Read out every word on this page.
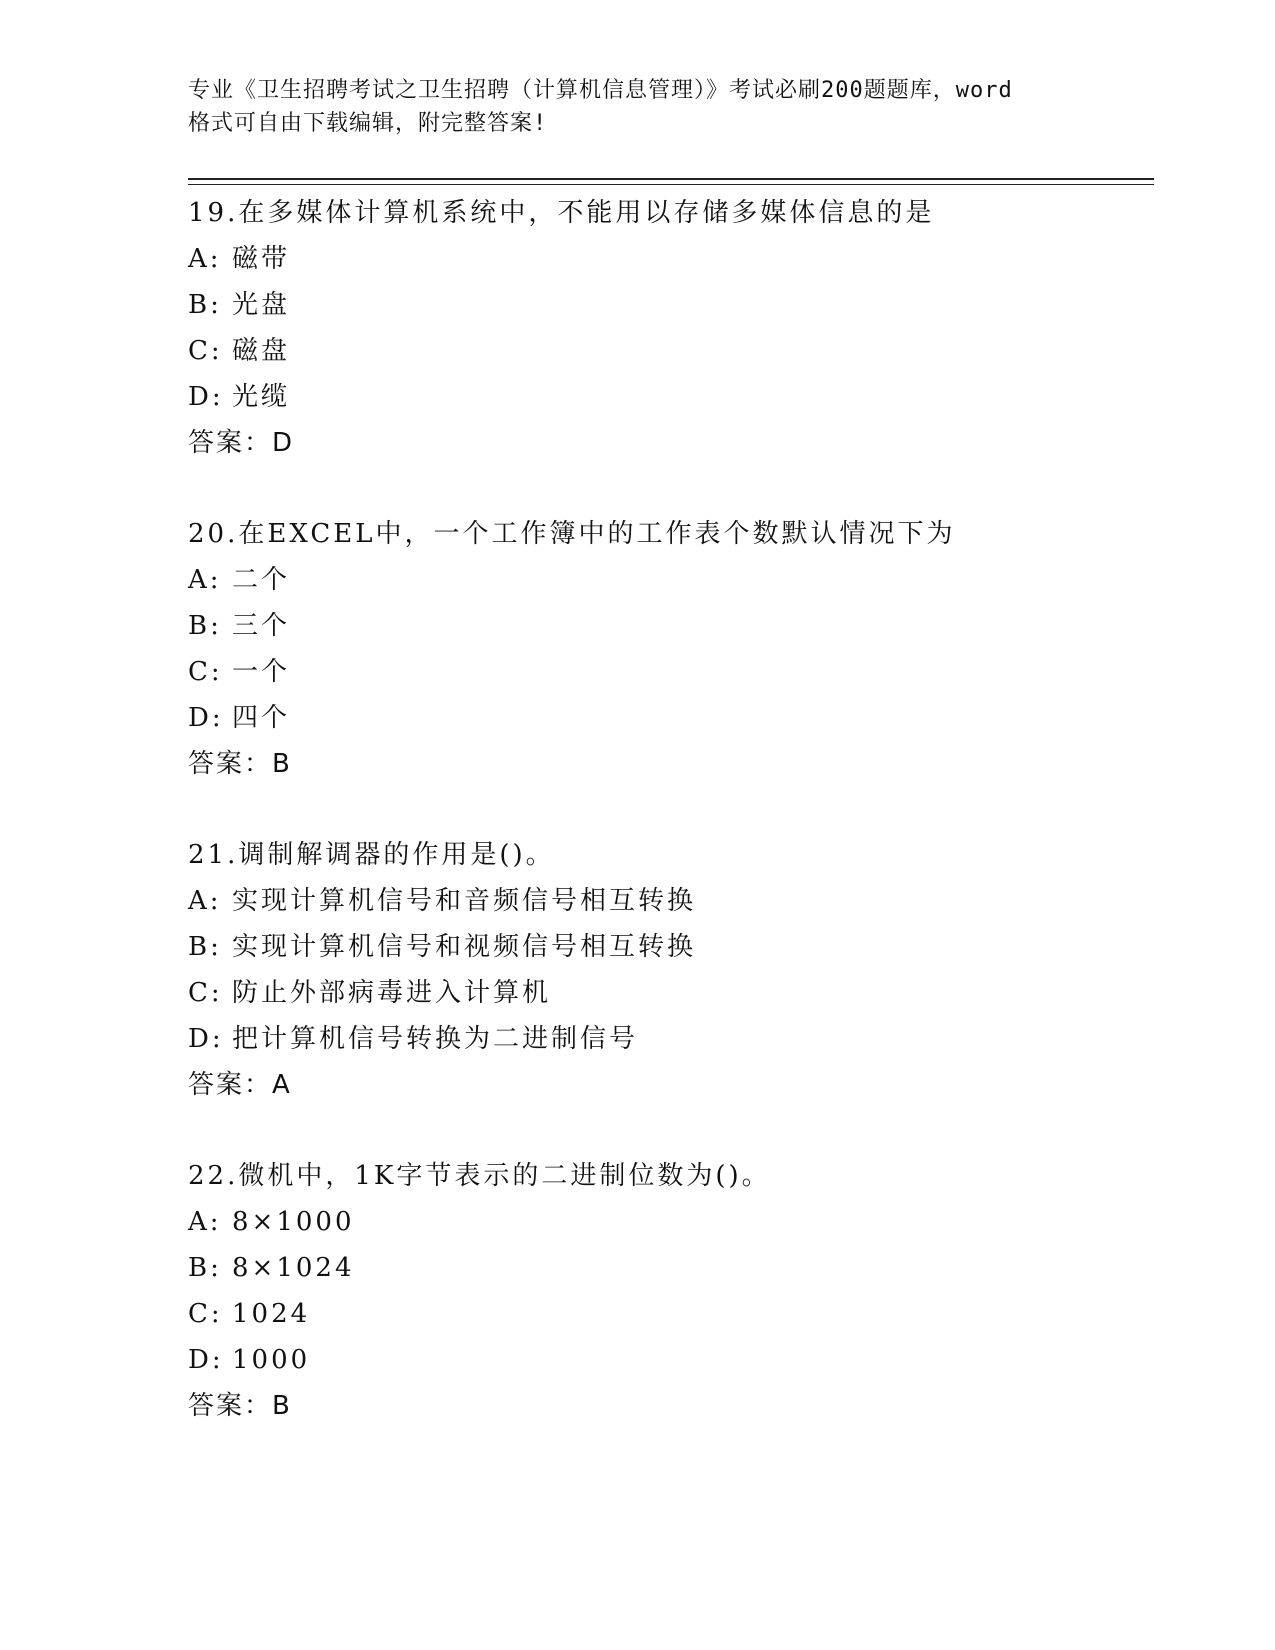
专业《卫生招聘考试之卫生招聘（计算机信息管理）》考试必刷200题题库，word
格式可自由下载编辑，附完整答案!
19.在多媒体计算机系统中，不能用以存储多媒体信息的是
A: 磁带
B: 光盘
C: 磁盘
D: 光缆
答案：D
20.在EXCEL中，一个工作簿中的工作表个数默认情况下为
A: 二个
B: 三个
C: 一个
D: 四个
答案：B
21.调制解调器的作用是()。
A: 实现计算机信号和音频信号相互转换
B: 实现计算机信号和视频信号相互转换
C: 防止外部病毒进入计算机
D: 把计算机信号转换为二进制信号
答案：A
22.微机中，1K字节表示的二进制位数为()。
A: 8×1000
B: 8×1024
C: 1024
D: 1000
答案：B
